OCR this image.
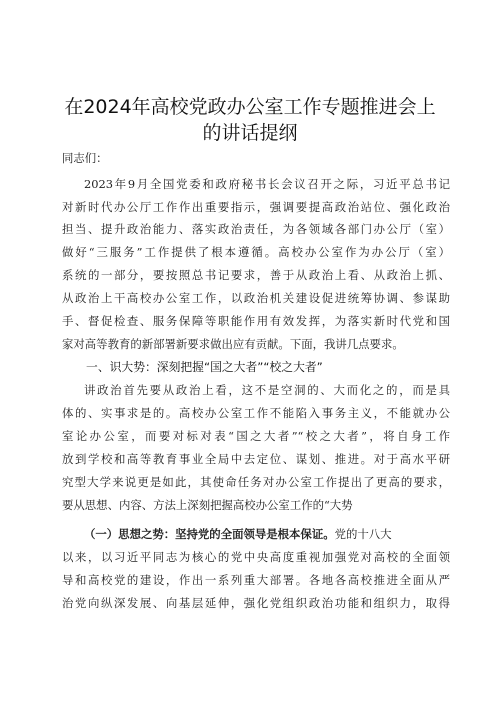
在2024年高校党政办公室工作专题推进会上
的讲话提纲
同志们：
2023年9月全国党委和政府秘书长会议召开之际，习近平总书记
对新时代办公厅工作作出重要指示，强调要提高政治站位、强化政治
担当、提升政治能力、落实政治责任，为各领域各部门办公厅（室）
做好“三服务”工作提供了根本遵循。高校办公室作为办公厅（室）
系统的一部分，要按照总书记要求，善于从政治上看、从政治上抓、
从政治上干高校办公室工作，以政治机关建设促进统筹协调、参谋助
手、督促检查、服务保障等职能作用有效发挥，为落实新时代党和国
家对高等教育的新部署新要求做出应有贡献。下面，我讲几点要求。
一、识大势：深刻把握“国之大者”“校之大者”
讲政治首先要从政治上看，这不是空洞的、大而化之的，而是具
体的、实事求是的。高校办公室工作不能陷入事务主义，不能就办公
室论办公室，而要对标对表“国之大者”“校之大者”，将自身工作
放到学校和高等教育事业全局中去定位、谋划、推进。对于高水平研
究型大学来说更是如此，其使命任务对办公室工作提出了更高的要求，
要从思想、内容、方法上深刻把握高校办公室工作的“大势
（一）思想之势：坚持党的全面领导是根本保证。党的十八大
以来，以习近平同志为核心的党中央高度重视加强党对高校的全面领
导和高校党的建设，作出一系列重大部署。各地各高校推进全面从严
治党向纵深发展、向基层延伸，强化党组织政治功能和组织力，取得
